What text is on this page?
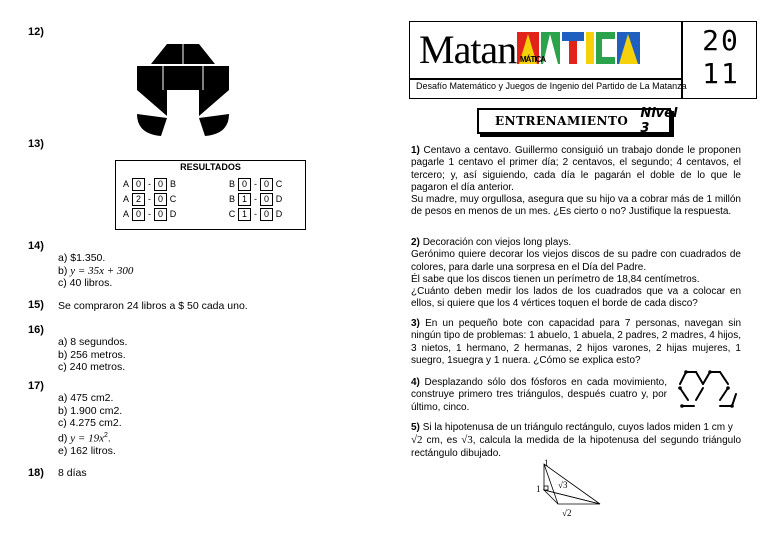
12)
13)
RESULTADOS
A 0 - 0 B
A 2 - 0 C
A 0 - 0 D
B 0 - 0 C
B 1 - 0 D
C 1 - 0 D
14)
a) $1.350.
b) y = 35x + 300
c) 40 libros.
15) Se compraron 24 libros a $ 50 cada uno.
16)
a) 8 segundos.
b) 256 metros.
c) 240 metros.
17)
a) 475 cm2.
b) 1.900 cm2.
c) 4.275 cm2.
d) $y = 19x^2$.
e) 162 litros.
18) 8 días
Matan MÁTICA
Desafío Matemático y Juegos de Ingenio del Partido de La Matanza
20 11
ENTRENAMIENTO Nivel 3
1) Centavo a centavo. Guillermo consiguió un trabajo donde le proponen pagarle 1 centavo el primer día; 2 centavos, el segundo; 4 centavos, el tercero; y, así siguiendo, cada día le pagarán el doble de lo que le pagaron el día anterior.
Su madre, muy orgullosa, asegura que su hijo va a cobrar más de 1 millón de pesos en menos de un mes. ¿Es cierto o no? Justifique la respuesta.
2) Decoración con viejos long plays.
Gerónimo quiere decorar los viejos discos de su padre con cuadrados de colores, para darle una sorpresa en el Día del Padre.
Él sabe que los discos tienen un perímetro de 18,84 centímetros.
¿Cuánto deben medir los lados de los cuadrados que va a colocar en ellos, si quiere que los 4 vértices toquen el borde de cada disco?
3) En un pequeño bote con capacidad para 7 personas, navegan sin ningún tipo de problemas: 1 abuelo, 1 abuela, 2 padres, 2 madres, 4 hijos, 3 nietos, 1 hermano, 2 hermanas, 2 hijos varones, 2 hijas mujeres, 1 suegro, 1suegra y 1 nuera. ¿Cómo se explica esto?
4) Desplazando sólo dos fósforos en cada movimiento, construye primero tres triángulos, después cuatro y, por último, cinco.
5) Si la hipotenusa de un triángulo rectángulo, cuyos lados miden 1 cm y
√2 cm, es √3, calcula la medida de la hipotenusa del segundo triángulo rectángulo dibujado.
1
1 √3
√2
